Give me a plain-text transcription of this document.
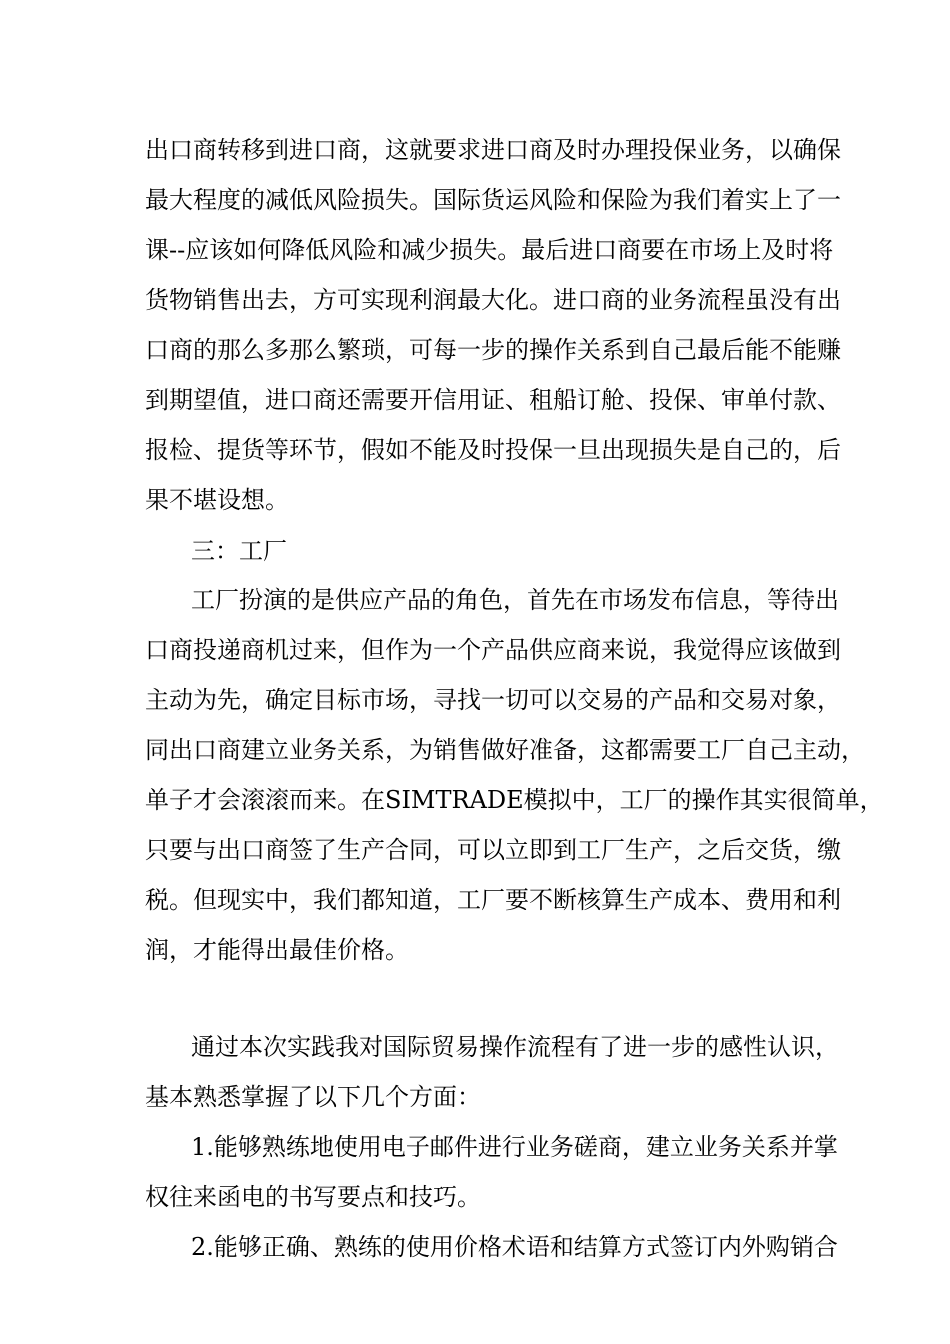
出口商转移到进口商，这就要求进口商及时办理投保业务，以确保
最大程度的减低风险损失。国际货运风险和保险为我们着实上了一
课--应该如何降低风险和减少损失。最后进口商要在市场上及时将
货物销售出去，方可实现利润最大化。进口商的业务流程虽没有出
口商的那么多那么繁琐，可每一步的操作关系到自己最后能不能赚
到期望值，进口商还需要开信用证、租船订舱、投保、审单付款、
报检、提货等环节，假如不能及时投保一旦出现损失是自己的，后
果不堪设想。
三：工厂
工厂扮演的是供应产品的角色，首先在市场发布信息，等待出
口商投递商机过来，但作为一个产品供应商来说，我觉得应该做到
主动为先，确定目标市场，寻找一切可以交易的产品和交易对象，
同出口商建立业务关系，为销售做好准备，这都需要工厂自己主动，
单子才会滚滚而来。在SIMTRADE模拟中，工厂的操作其实很简单，
只要与出口商签了生产合同，可以立即到工厂生产，之后交货，缴
税。但现实中，我们都知道，工厂要不断核算生产成本、费用和利
润，才能得出最佳价格。
通过本次实践我对国际贸易操作流程有了进一步的感性认识，
基本熟悉掌握了以下几个方面：
1.能够熟练地使用电子邮件进行业务磋商，建立业务关系并掌
权往来函电的书写要点和技巧。
2.能够正确、熟练的使用价格术语和结算方式签订内外购销合
